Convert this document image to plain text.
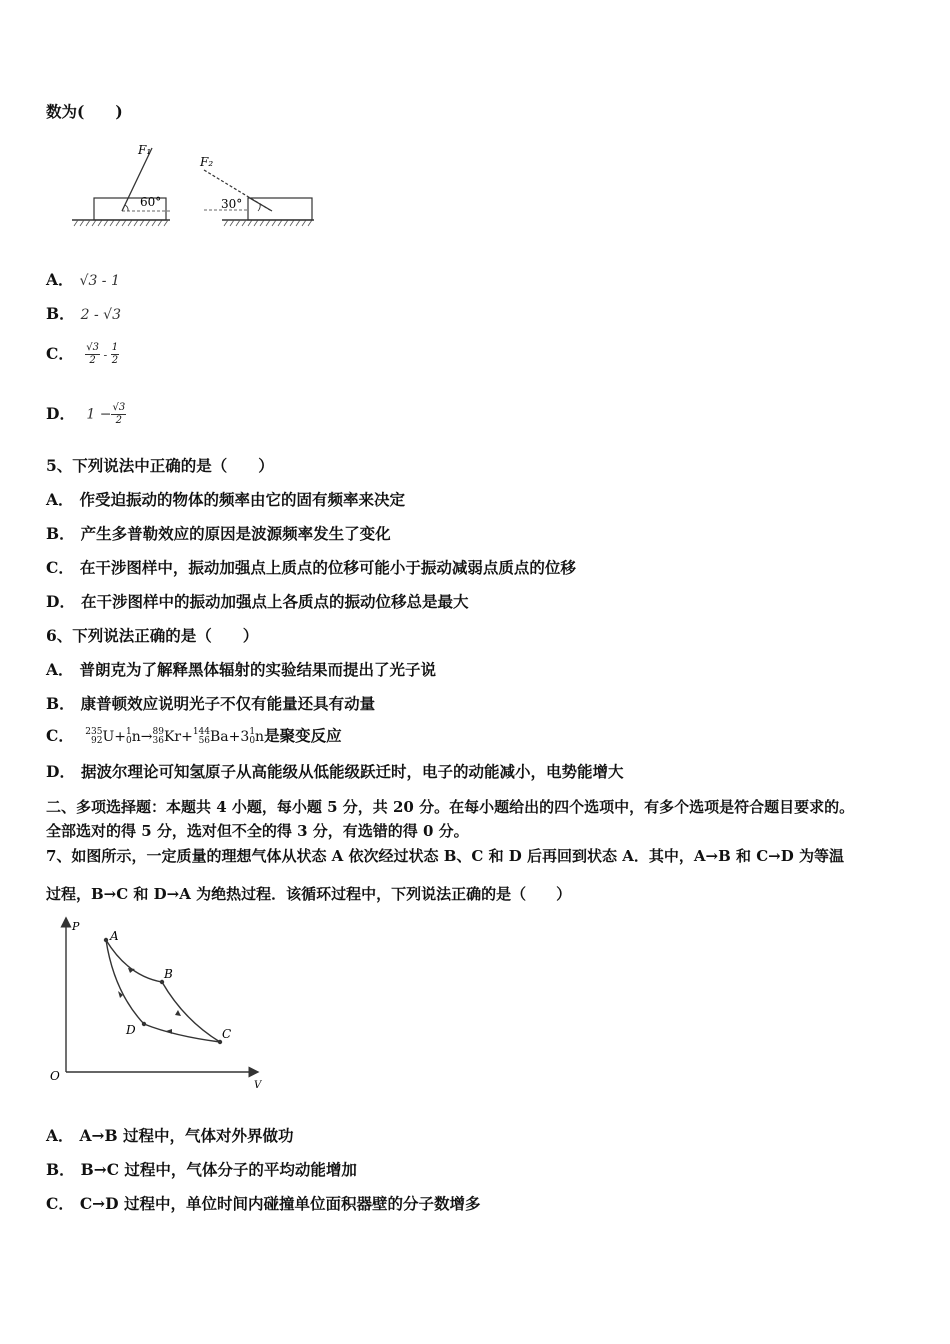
数为(　　)
F₁
60°
F₂
30°
A． √3 - 1
B． 2 - √3
C． $\frac{√3}{2} - \frac{1}{2}$
D． $1 - \frac{√3}{2}$
5、下列说法中正确的是（　　）
A． 作受迫振动的物体的频率由它的固有频率来决定
B． 产生多普勒效应的原因是波源频率发生了变化
C． 在干涉图样中，振动加强点上质点的位移可能小于振动减弱点质点的位移
D． 在干涉图样中的振动加强点上各质点的振动位移总是最大
6、下列说法正确的是（　　）
A． 普朗克为了解释黑体辐射的实验结果而提出了光子说
B． 康普顿效应说明光子不仅有能量还具有动量
C． 235
92 U+ 1
0 n→ 89
36 Kr+ 144
56 Ba+3 1
0 n是聚变反应
D． 据波尔理论可知氢原子从高能级从低能级跃迁时，电子的动能减小，电势能增大
二、多项选择题：本题共 4 小题，每小题 5 分，共 20 分。在每小题给出的四个选项中，有多个选项是符合题目要求的。
全部选对的得 5 分，选对但不全的得 3 分，有选错的得 0 分。
7、如图所示，一定质量的理想气体从状态 A 依次经过状态 B、C 和 D 后再回到状态 A．其中，A→B 和 C→D 为等温
过程，B→C 和 D→A 为绝热过程．该循环过程中，下列说法正确的是（　　）
P
V
O
A
B
C
D
A． A→B 过程中，气体对外界做功
B． B→C 过程中，气体分子的平均动能增加
C． C→D 过程中，单位时间内碰撞单位面积器壁的分子数增多
